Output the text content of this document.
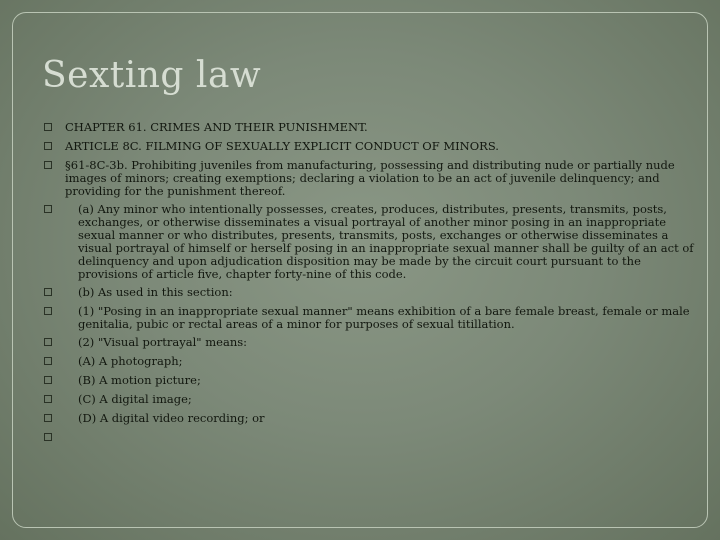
Sexting law
CHAPTER 61. CRIMES AND THEIR PUNISHMENT.
ARTICLE 8C. FILMING OF SEXUALLY EXPLICIT CONDUCT OF MINORS.
§61-8C-3b. Prohibiting juveniles from manufacturing, possessing and distributing nude or partially nude images of minors; creating exemptions; declaring a violation to be an act of juvenile delinquency; and providing for the punishment thereof.
(a) Any minor who intentionally possesses, creates, produces, distributes, presents, transmits, posts, exchanges, or otherwise disseminates a visual portrayal of another minor posing in an inappropriate sexual manner or who distributes, presents, transmits, posts, exchanges or otherwise disseminates a visual portrayal of himself or herself posing in an inappropriate sexual manner shall be guilty of an act of delinquency and upon adjudication disposition may be made by the circuit court pursuant to the provisions of article five, chapter forty-nine of this code.
(b) As used in this section:
(1) "Posing in an inappropriate sexual manner" means exhibition of a bare female breast, female or male genitalia, pubic or rectal areas of a minor for purposes of sexual titillation.
(2) "Visual portrayal" means:
(A) A photograph;
(B) A motion picture;
(C) A digital image;
(D) A digital video recording; or
